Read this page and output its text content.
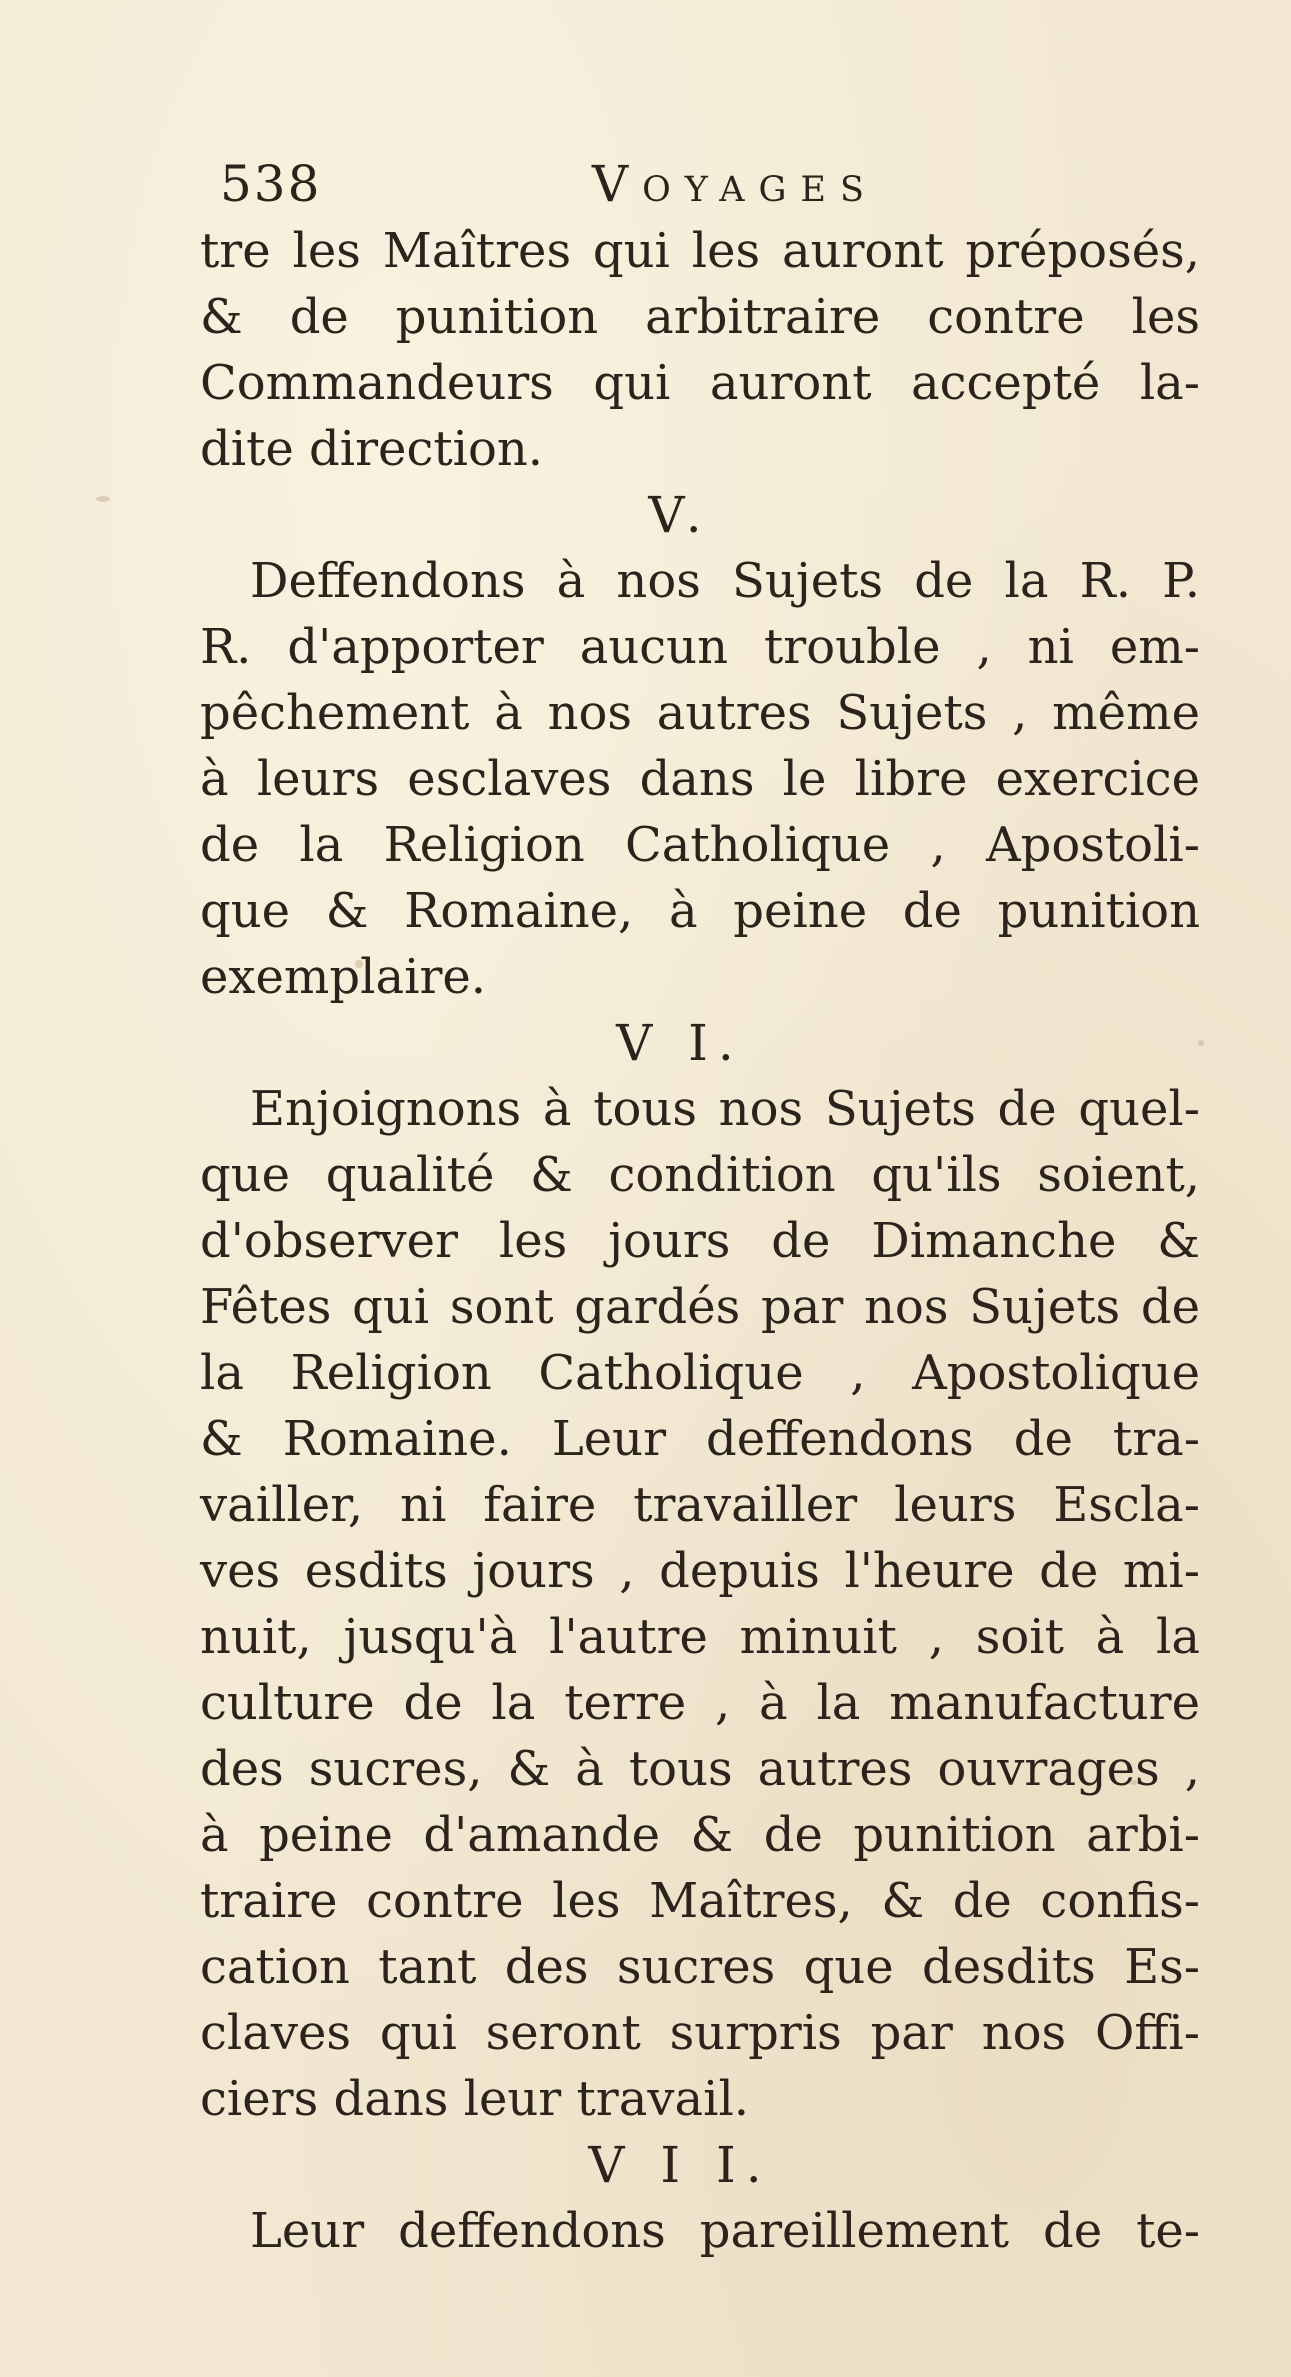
538	Voyages
tre les Maîtres qui les auront préposés,
& de punition arbitraire contre les
Commandeurs qui auront accepté la-
dite direction.
V.
Deffendons à nos Sujets de la R. P.
R. d'apporter aucun trouble , ni em-
pêchement à nos autres Sujets , même
à leurs esclaves dans le libre exercice
de la Religion Catholique , Apostoli-
que & Romaine, à peine de punition
exemplaire.
V I.
Enjoignons à tous nos Sujets de quel-
que qualité & condition qu'ils soient,
d'observer les jours de Dimanche &
Fêtes qui sont gardés par nos Sujets de
la Religion Catholique , Apostolique
& Romaine. Leur deffendons de tra-
vailler, ni faire travailler leurs Escla-
ves esdits jours , depuis l'heure de mi-
nuit, jusqu'à l'autre minuit , soit à la
culture de la terre , à la manufacture
des sucres, & à tous autres ouvrages ,
à peine d'amande & de punition arbi-
traire contre les Maîtres, & de confis-
cation tant des sucres que desdits Es-
claves qui seront surpris par nos Offi-
ciers dans leur travail.
V I I.
Leur deffendons pareillement de te-
